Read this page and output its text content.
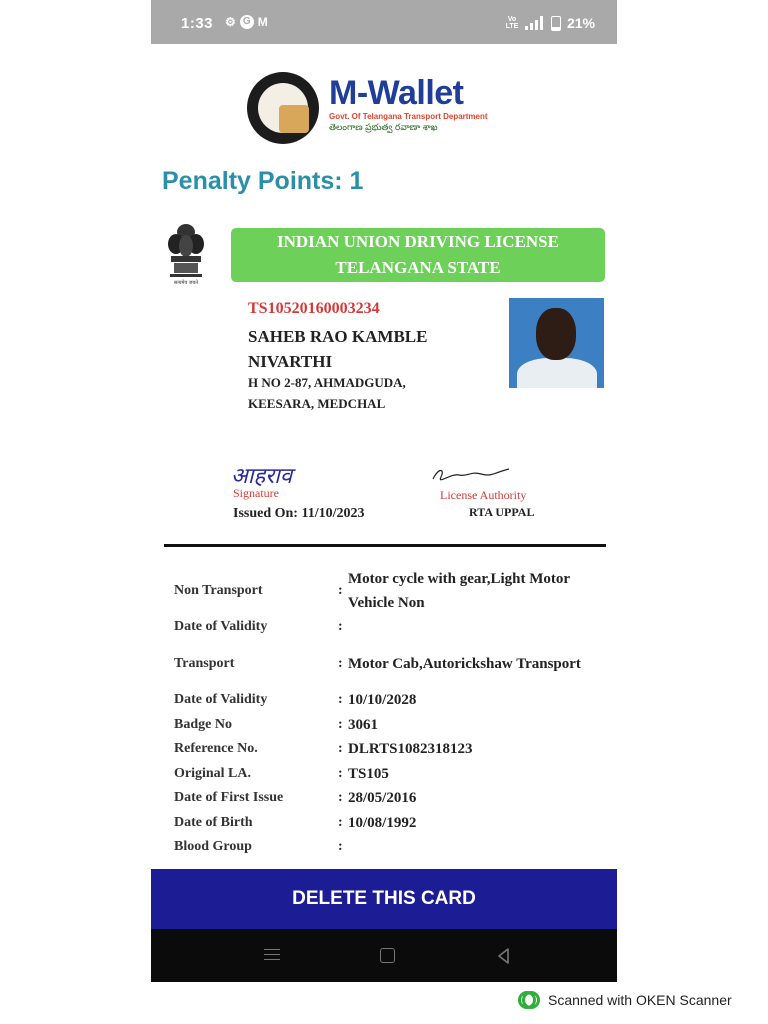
1:33 ⚙ G M	Vo LTE	21%
M-Wallet
Govt. Of Telangana Transport Department
తెలంగాణ ప్రభుత్వ రవాణా శాఖ
Penalty Points: 1
सत्यमेव जयते
INDIAN UNION DRIVING LICENSE
TELANGANA STATE
TS10520160003234
SAHEB RAO KAMBLE
NIVARTHI
H NO 2-87, AHMADGUDA,
KEESARA, MEDCHAL
आहराव
Signature
Issued On: 11/10/2023
License Authority
RTA UPPAL
Non Transport	:
Motor cycle with gear,Light Motor Vehicle Non
Date of Validity	:
Transport	: Motor Cab,Autorickshaw Transport
Date of Validity	: 10/10/2028
Badge No	: 3061
Reference No.	: DLRTS1082318123
Original LA.	: TS105
Date of First Issue	: 28/05/2016
Date of Birth	: 10/08/1992
Blood Group	:
DELETE THIS CARD
Scanned with OKEN Scanner
